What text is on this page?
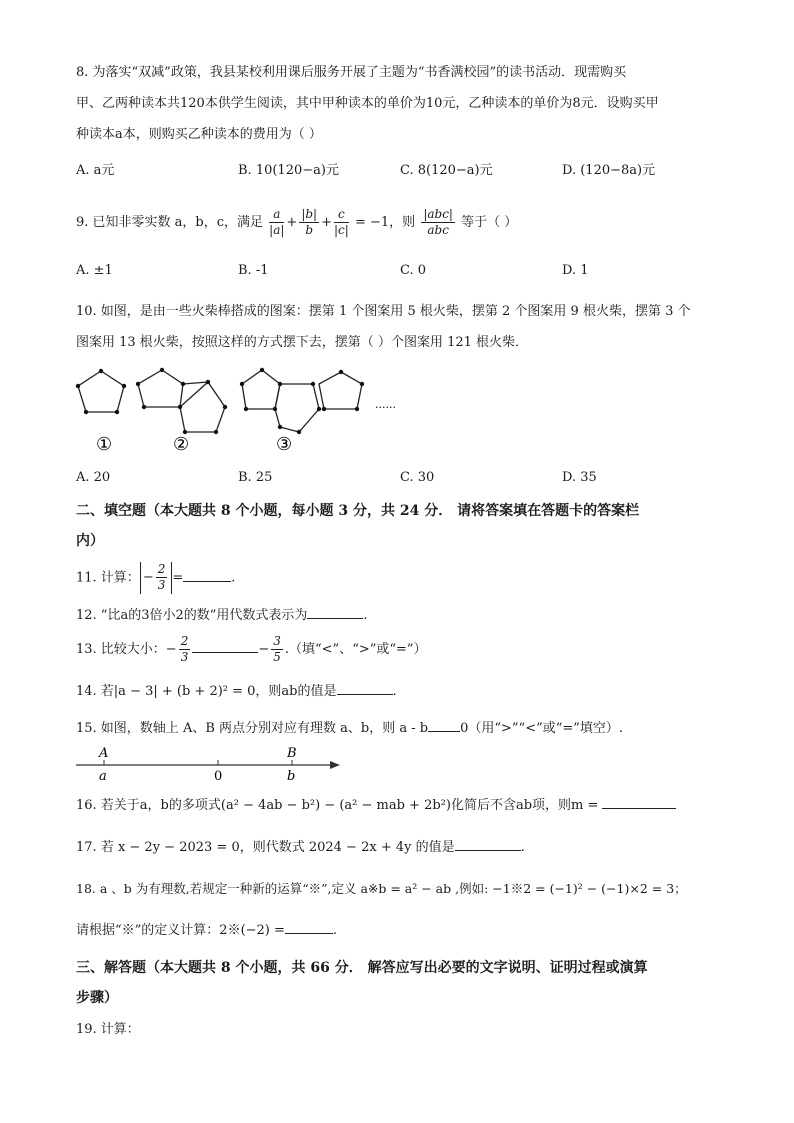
8. 为落实“双减”政策，我县某校利用课后服务开展了主题为“书香满校园”的读书活动．现需购买
甲、乙两种读本共120本供学生阅读，其中甲种读本的单价为10元，乙种读本的单价为8元．设购买甲
种读本a本，则购买乙种读本的费用为（ ）
A. a元	B. 10(120−a)元	C. 8(120−a)元	D. (120−8a)元
9. 已知非零实数 a，b，c，满足 $\frac{a}{|a|} + \frac{|b|}{b} + \frac{c}{|c|} = -1$，则 $\frac{\text{|abc|}}{\text{abc}}$ 等于（ ）
A. ±1	B. -1	C. 0	D. 1
10. 如图，是由一些火柴棒搭成的图案：摆第 1 个图案用 5 根火柴，摆第 2 个图案用 9 根火柴，摆第 3 个
图案用 13 根火柴，按照这样的方式摆下去，摆第（ ）个图案用 121 根火柴．
......
①	②	③
A. 20	B. 25	C. 30	D. 35
二、填空题（本大题共 8 个小题，每小题 3 分，共 24 分． 请将答案填在答题卡的答案栏
内）
11. 计算： − $\frac{2}{3}$ =	.
12. “比a的3倍小2的数”用代数式表示为	.
13. 比较大小：− $\frac{2}{3}$	− $\frac{3}{5}$ .（填“<”、“>”或“=”）
14. 若|a − 3| + (b + 2)² = 0，则ab的值是	.
15. 如图，数轴上 A、B 两点分别对应有理数 a、b，则 a - b 0（用“>”“<”或“=”填空）.
A
a	0
B
b
16. 若关于a，b的多项式(a² − 4ab − b²) − (a² − mab + 2b²)化简后不含ab项，则m =
17. 若 x − 2y − 2023 = 0，则代数式 2024 − 2x + 4y 的值是	.
18. a 、b 为有理数,若规定一种新的运算“※”,定义 a※b = a² − ab ,例如: −1※2 = (−1)² − (−1)×2 = 3；
请根据“※”的定义计算：2※(−2) =	.
三、解答题（本大题共 8 个小题，共 66 分． 解答应写出必要的文字说明、证明过程或演算
步骤）
19. 计算：
